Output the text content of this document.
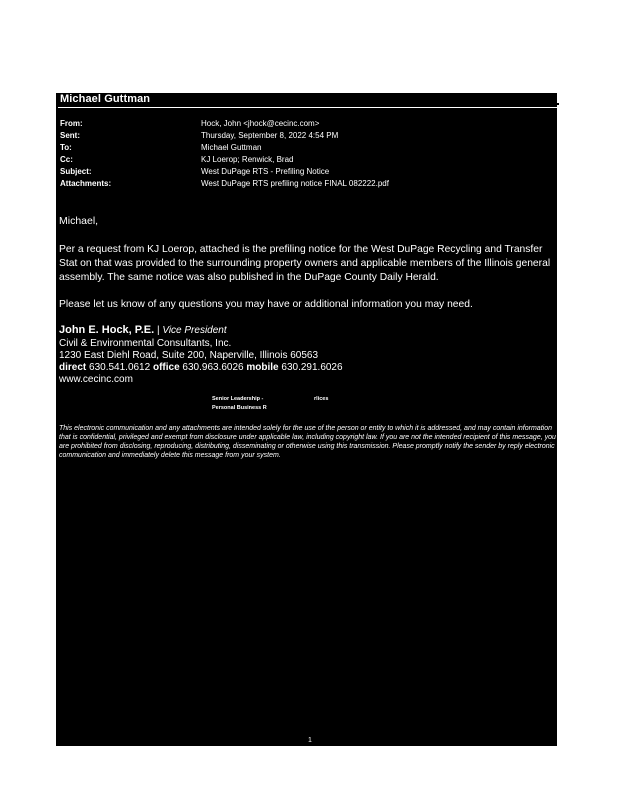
Michael Guttman
From:	Hock, John <jhock@cecinc.com>
Sent:	Thursday, September 8, 2022 4:54 PM
To:	Michael Guttman
Cc:	KJ Loerop; Renwick, Brad
Subject:	West DuPage RTS - Prefiling Notice
Attachments:	West DuPage RTS prefiling notice FINAL 082222.pdf
Michael,
Per a request from KJ Loerop, attached is the prefiling notice for the West DuPage Recycling and Transfer Stat on that was provided to the surrounding property owners and applicable members of the Illinois general assembly. The same notice was also published in the DuPage County Daily Herald.
Please let us know of any questions you may have or additional information you may need.
John E. Hock, P.E. | Vice President
Civil & Environmental Consultants, Inc.
1230 East Diehl Road, Suite 200, Naperville, Illinois 60563
direct 630.541.0612 office 630.963.6026 mobile 630.291.6026
www.cecinc.com
Senior Leadership -	rlices
Personal Business R
This electronic communication and any attachments are intended solely for the use of the person or entity to which it is addressed, and may contain information that is confidential, privileged and exempt from disclosure under applicable law, including copyright law. If you are not the intended recipient of this message, you are prohibited from disclosing, reproducing, distributing, disseminating or otherwise using this transmission. Please promptly notify the sender by reply electronic communication and immediately delete this message from your system.
1
